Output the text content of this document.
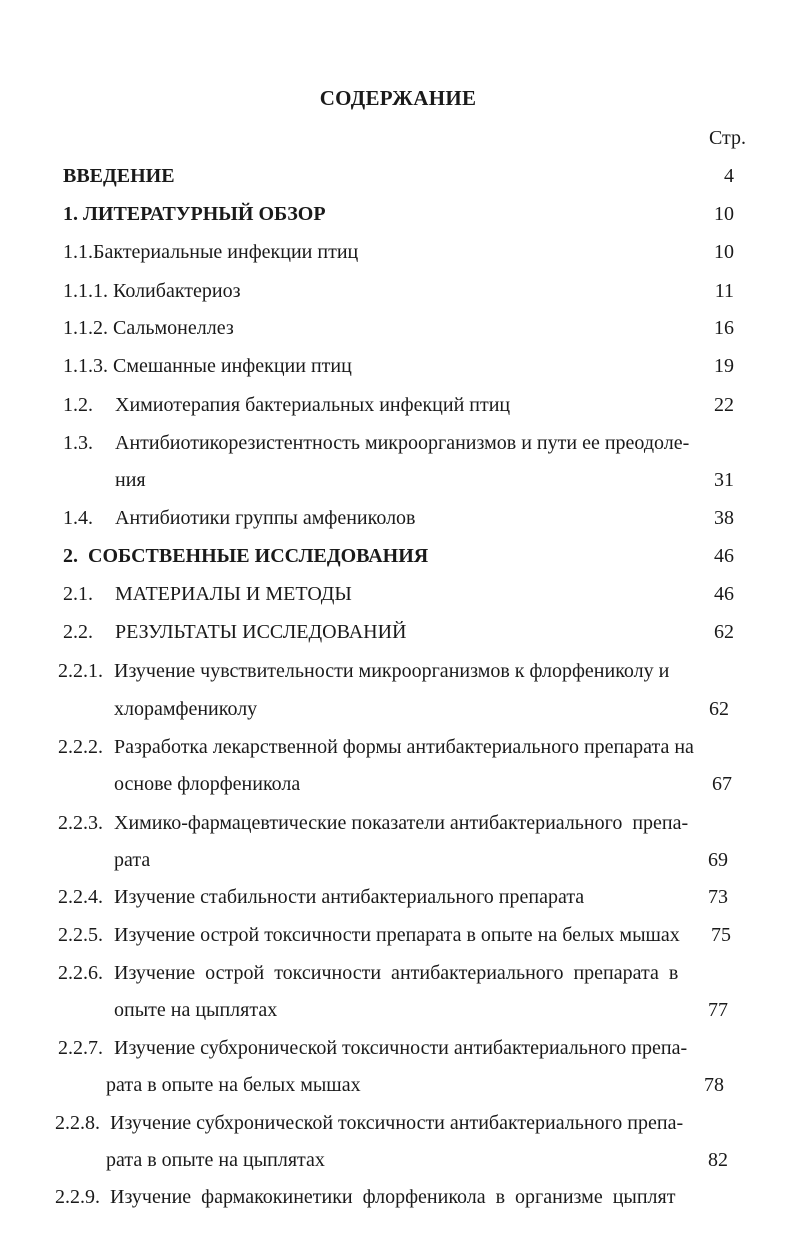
СОДЕРЖАНИЕ
Стр.
ВВЕДЕНИЕ	4
1. ЛИТЕРАТУРНЫЙ ОБЗОР	10
1.1.Бактериальные инфекции птиц	10
1.1.1. Колибактериоз	11
1.1.2. Сальмонеллез	16
1.1.3. Смешанные инфекции птиц	19
1.2. Химиотерапия бактериальных инфекций птиц	22
1.3. Антибиотикорезистентность микроорганизмов и пути ее преодоле-
ния	31
1.4. Антибиотики группы амфениколов	38
2.  СОБСТВЕННЫЕ ИССЛЕДОВАНИЯ	46
2.1. МАТЕРИАЛЫ И МЕТОДЫ	46
2.2. РЕЗУЛЬТАТЫ ИССЛЕДОВАНИЙ	62
2.2.1. Изучение чувствительности микроорганизмов к флорфениколу и
хлорамфениколу	62
2.2.2. Разработка лекарственной формы антибактериального препарата на
основе флорфеникола	67
2.2.3. Химико-фармацевтические показатели антибактериального  препа-
рата	69
2.2.4. Изучение стабильности антибактериального препарата	73
2.2.5. Изучение острой токсичности препарата в опыте на белых мышах	75
2.2.6. Изучение  острой  токсичности  антибактериального  препарата  в
опыте на цыплятах	77
2.2.7. Изучение субхронической токсичности антибактериального препа-
рата в опыте на белых мышах	78
2.2.8. Изучение субхронической токсичности антибактериального препа-
рата в опыте на цыплятах	82
2.2.9. Изучение  фармакокинетики  флорфеникола  в  организме  цыплят
